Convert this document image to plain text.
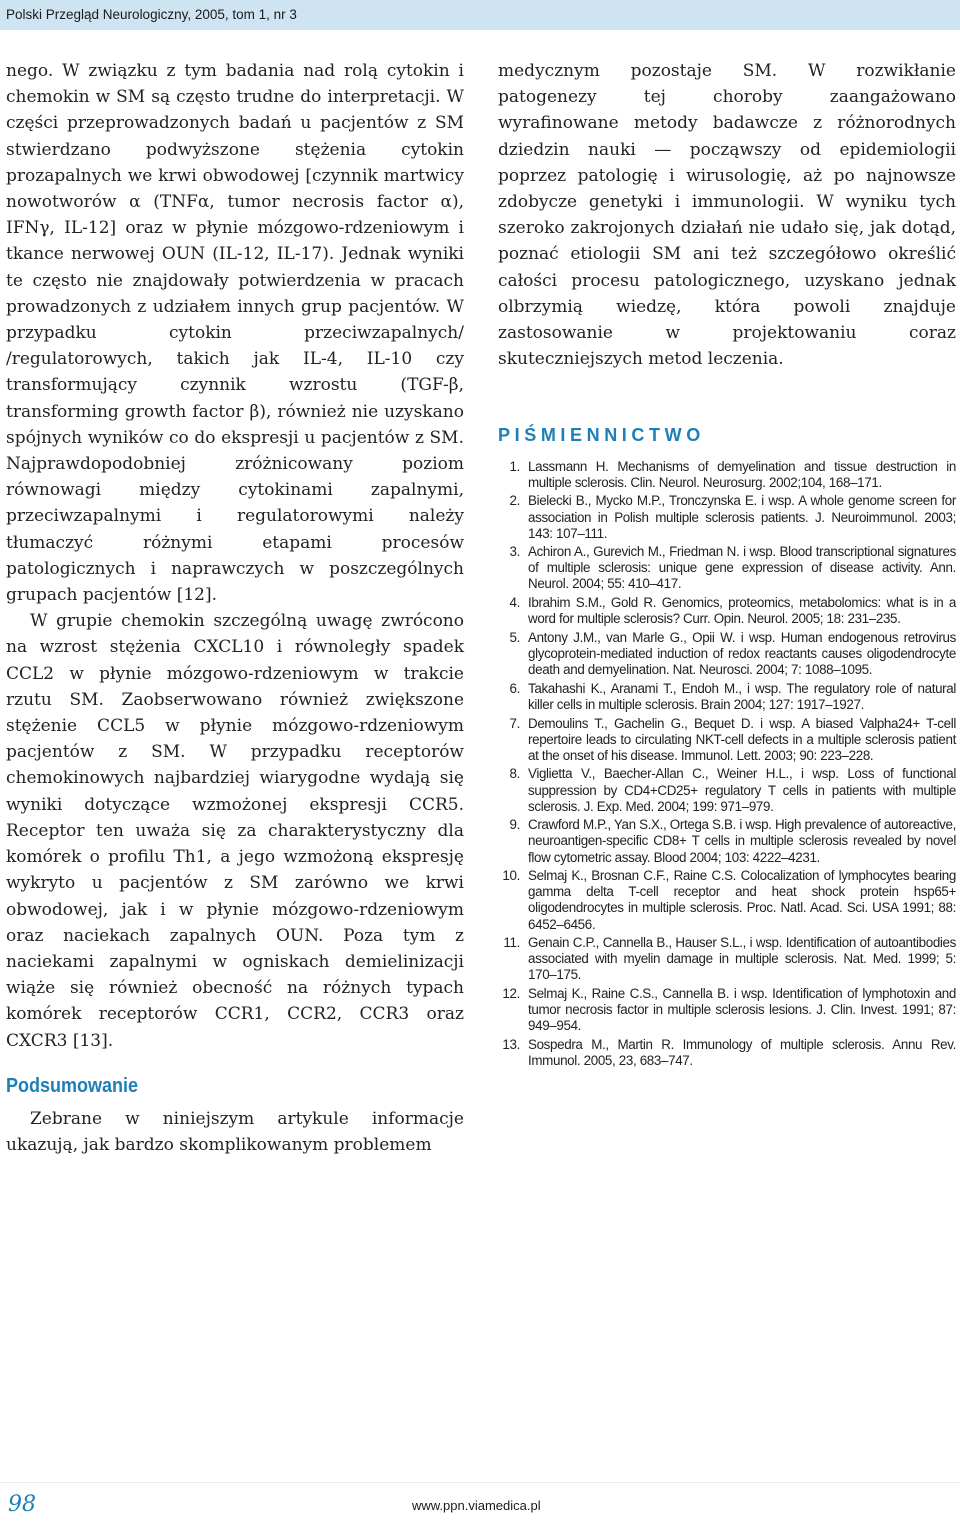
Polski Przegląd Neurologiczny, 2005, tom 1, nr 3

nego. W związku z tym badania nad rolą cytokin i chemokin w SM są często trudne do interpretacji. W części przeprowadzonych badań u pacjentów z SM stwierdzano podwyższone stężenia cytokin prozapalnych we krwi obwodowej [czynnik martwicy nowotworów α (TNFα, tumor necrosis factor α), IFNγ, IL-12] oraz w płynie mózgowo-rdzeniowym i tkance nerwowej OUN (IL-12, IL-17). Jednak wyniki te często nie znajdowały potwierdzenia w pracach prowadzonych z udziałem innych grup pacjentów. W przypadku cytokin przeciwzapalnych/ /regulatorowych, takich jak IL-4, IL-10 czy transformujący czynnik wzrostu (TGF-β, transforming growth factor β), również nie uzyskano spójnych wyników co do ekspresji u pacjentów z SM. Najprawdopodobniej zróżnicowany poziom równowagi między cytokinami zapalnymi, przeciwzapalnymi i regulatorowymi należy tłumaczyć różnymi etapami procesów patologicznych i naprawczych w poszczególnych grupach pacjentów [12].

W grupie chemokin szczególną uwagę zwrócono na wzrost stężenia CXCL10 i równoległy spadek CCL2 w płynie mózgowo-rdzeniowym w trakcie rzutu SM. Zaobserwowano również zwiększone stężenie CCL5 w płynie mózgowo-rdzeniowym pacjentów z SM. W przypadku receptorów chemokinowych najbardziej wiarygodne wydają się wyniki dotyczące wzmożonej ekspresji CCR5. Receptor ten uważa się za charakterystyczny dla komórek o profilu Th1, a jego wzmożoną ekspresję wykryto u pacjentów z SM zarówno we krwi obwodowej, jak i w płynie mózgowo-rdzeniowym oraz naciekach zapalnych OUN. Poza tym z naciekami zapalnymi w ogniskach demielinizacji wiąże się również obecność na różnych typach komórek receptorów CCR1, CCR2, CCR3 oraz CXCR3 [13].

Podsumowanie

Zebrane w niniejszym artykule informacje ukazują, jak bardzo skomplikowanym problemem

medycznym pozostaje SM. W rozwikłanie patogenezy tej choroby zaangażowano wyrafinowane metody badawcze z różnorodnych dziedzin nauki — począwszy od epidemiologii poprzez patologię i wirusologię, aż po najnowsze zdobycze genetyki i immunologii. W wyniku tych szeroko zakrojonych działań nie udało się, jak dotąd, poznać etiologii SM ani też szczegółowo określić całości procesu patologicznego, uzyskano jednak olbrzymią wiedzę, która powoli znajduje zastosowanie w projektowaniu coraz skuteczniejszych metod leczenia.

PIŚMIENNICTWO
1. Lassmann H. Mechanisms of demyelination and tissue destruction in multiple sclerosis. Clin. Neurol. Neurosurg. 2002;104, 168–171.
2. Bielecki B., Mycko M.P., Tronczynska E. i wsp. A whole genome screen for association in Polish multiple sclerosis patients. J. Neuroimmunol. 2003; 143: 107–111.
3. Achiron A., Gurevich M., Friedman N. i wsp. Blood transcriptional signatures of multiple sclerosis: unique gene expression of disease activity. Ann. Neurol. 2004; 55: 410–417.
4. Ibrahim S.M., Gold R. Genomics, proteomics, metabolomics: what is in a word for multiple sclerosis? Curr. Opin. Neurol. 2005; 18: 231–235.
5. Antony J.M., van Marle G., Opii W. i wsp. Human endogenous retrovirus glycoprotein-mediated induction of redox reactants causes oligodendrocyte death and demyelination. Nat. Neurosci. 2004; 7: 1088–1095.
6. Takahashi K., Aranami T., Endoh M., i wsp. The regulatory role of natural killer cells in multiple sclerosis. Brain 2004; 127: 1917–1927.
7. Demoulins T., Gachelin G., Bequet D. i wsp. A biased Valpha24+ T-cell repertoire leads to circulating NKT-cell defects in a multiple sclerosis patient at the onset of his disease. Immunol. Lett. 2003; 90: 223–228.
8. Viglietta V., Baecher-Allan C., Weiner H.L., i wsp. Loss of functional suppression by CD4+CD25+ regulatory T cells in patients with multiple sclerosis. J. Exp. Med. 2004; 199: 971–979.
9. Crawford M.P., Yan S.X., Ortega S.B. i wsp. High prevalence of autoreactive, neuroantigen-specific CD8+ T cells in multiple sclerosis revealed by novel flow cytometric assay. Blood 2004; 103: 4222–4231.
10. Selmaj K., Brosnan C.F., Raine C.S. Colocalization of lymphocytes bearing gamma delta T-cell receptor and heat shock protein hsp65+ oligodendrocytes in multiple sclerosis. Proc. Natl. Acad. Sci. USA 1991; 88: 6452–6456.
11. Genain C.P., Cannella B., Hauser S.L., i wsp. Identification of autoantibodies associated with myelin damage in multiple sclerosis. Nat. Med. 1999; 5: 170–175.
12. Selmaj K., Raine C.S., Cannella B. i wsp. Identification of lymphotoxin and tumor necrosis factor in multiple sclerosis lesions. J. Clin. Invest. 1991; 87: 949–954.
13. Sospedra M., Martin R. Immunology of multiple sclerosis. Annu Rev. Immunol. 2005, 23, 683–747.
98	www.ppn.viamedica.pl
